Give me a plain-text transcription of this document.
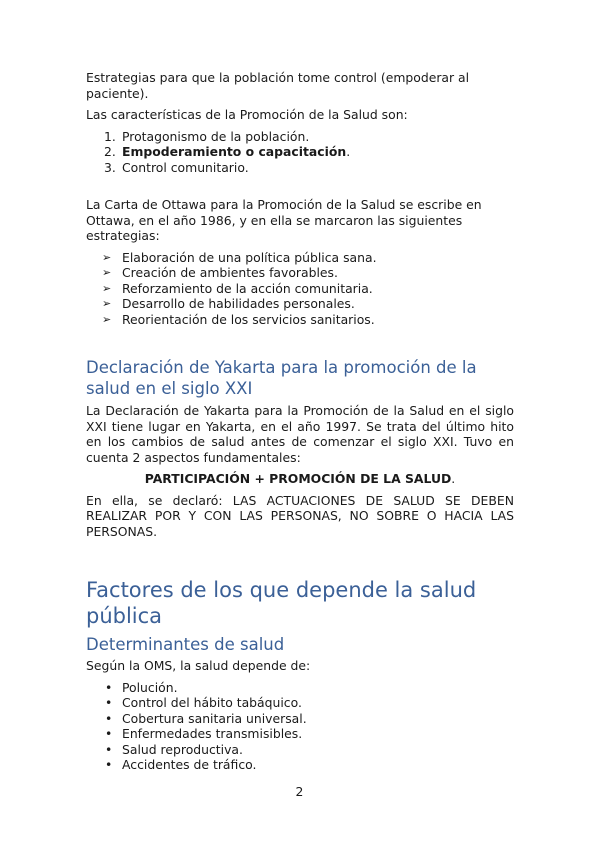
Estrategias para que la población tome control (empoderar al paciente).

Las características de la Promoción de la Salud son:

1. Protagonismo de la población.
2. Empoderamiento o capacitación.
3. Control comunitario.

La Carta de Ottawa para la Promoción de la Salud se escribe en Ottawa, en el año 1986, y en ella se marcaron las siguientes estrategias:

➢ Elaboración de una política pública sana.
➢ Creación de ambientes favorables.
➢ Reforzamiento de la acción comunitaria.
➢ Desarrollo de habilidades personales.
➢ Reorientación de los servicios sanitarios.
Declaración de Yakarta para la promoción de la salud en el siglo XXI

La Declaración de Yakarta para la Promoción de la Salud en el siglo XXI tiene lugar en Yakarta, en el año 1997. Se trata del último hito en los cambios de salud antes de comenzar el siglo XXI. Tuvo en cuenta 2 aspectos fundamentales:

PARTICIPACIÓN + PROMOCIÓN DE LA SALUD.

En ella, se declaró: LAS ACTUACIONES DE SALUD SE DEBEN REALIZAR POR Y CON LAS PERSONAS, NO SOBRE O HACIA LAS PERSONAS.

Factores de los que depende la salud pública
Determinantes de salud

Según la OMS, la salud depende de:

• Polución.
• Control del hábito tabáquico.
• Cobertura sanitaria universal.
• Enfermedades transmisibles.
• Salud reproductiva.
• Accidentes de tráfico.
2
